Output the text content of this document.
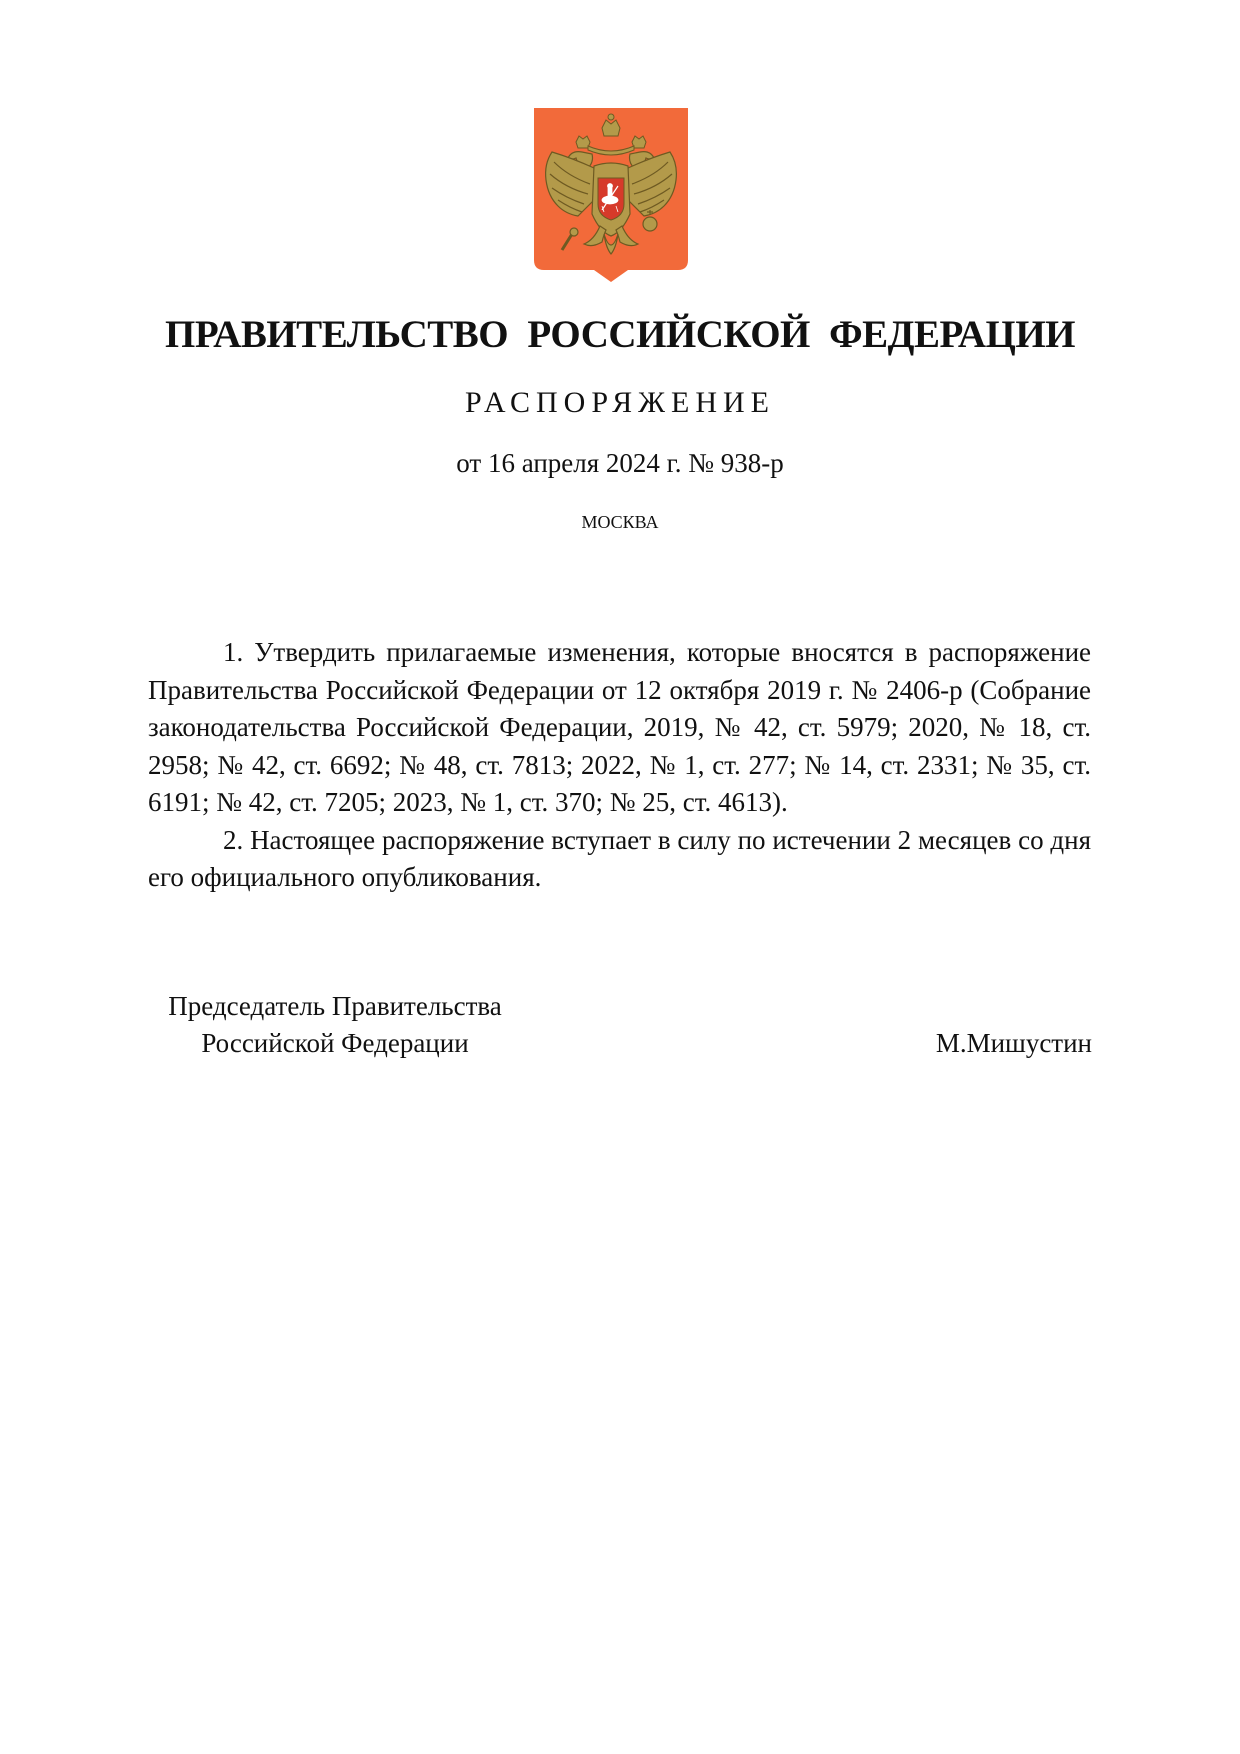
ПРАВИТЕЛЬСТВО РОССИЙСКОЙ ФЕДЕРАЦИИ
РАСПОРЯЖЕНИЕ
от 16 апреля 2024 г. № 938-р
МОСКВА

1. Утвердить прилагаемые изменения, которые вносятся в распоряжение Правительства Российской Федерации от 12 октября 2019 г. № 2406-р (Собрание законодательства Российской Федерации, 2019, № 42, ст. 5979; 2020, № 18, ст. 2958; № 42, ст. 6692; № 48, ст. 7813; 2022, № 1, ст. 277; № 14, ст. 2331; № 35, ст. 6191; № 42, ст. 7205; 2023, № 1, ст. 370; № 25, ст. 4613).

2. Настоящее распоряжение вступает в силу по истечении 2 месяцев со дня его официального опубликования.

Председатель Правительства
Российской Федерации	М.Мишустин
